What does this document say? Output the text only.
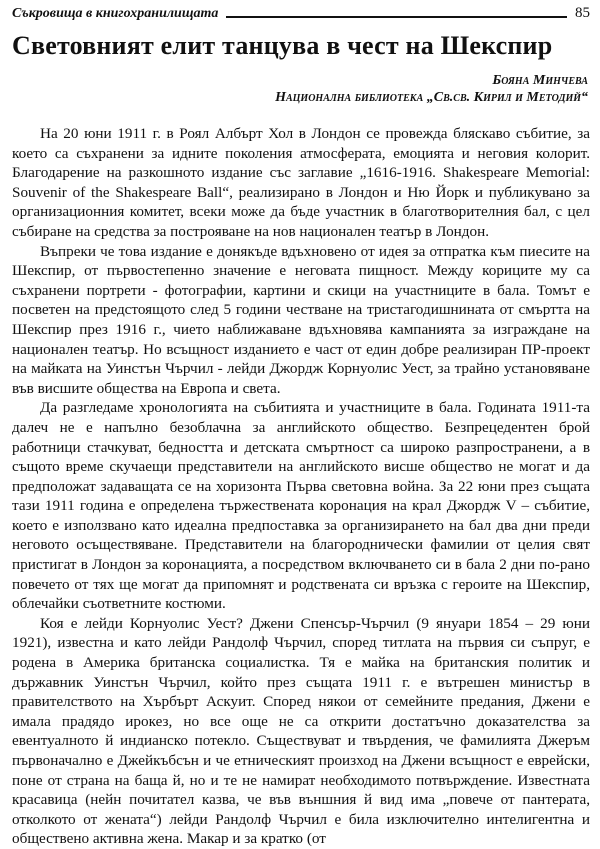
Съкровища в книгохранилищата	85
Световният елит танцува в чест на Шекспир
Бояна Минчева
Национална библиотека „Св.св. Кирил и Методий“

На 20 юни 1911 г. в Роял Албърт Хол в Лондон се провежда бляскаво събитие, за което са съхранени за идните поколения атмосферата, емоцията и неговия колорит. Благодарение на разкошното издание със заглавие „1616-1916. Shakespeare Memorial: Souvenir of the Shakespeare Ball“, реализирано в Лондон и Ню Йорк и публикувано за организационния комитет, всеки може да бъде участник в благотворителния бал, с цел събиране на средства за построяване на нов национален театър в Лондон.

Въпреки че това издание е донякъде вдъхновено от идея за отпратка към пиесите на Шекспир, от първостепенно значение е неговата пищност. Между кориците му са съхранени портрети - фотографии, картини и скици на участниците в бала. Томът е посветен на предстоящото след 5 години честване на тристагодишнината от смъртта на Шекспир през 1916 г., чието наближаване вдъхновява кампанията за изграждане на национален театър. Но всъщност изданието е част от един добре реализиран ПР-проект на майката на Уинстън Чърчил - лейди Джордж Корнуолис Уест, за трайно установяване във висшите общества на Европа и света.

Да разгледаме хронологията на събитията и участниците в бала. Годината 1911-та далеч не е напълно безоблачна за английското общество. Безпрецедентен брой работници стачкуват, бедността и детската смъртност са широко разпространени, а в същото време скучаещи представители на английското висше общество не могат и да предположат задаващата се на хоризонта Първа световна война. За 22 юни през същата тази 1911 година е определена тържествената коронация на крал Джордж V – събитие, което е използвано като идеална предпоставка за организирането на бал два дни преди неговото осъществяване. Представители на благороднически фамилии от целия свят пристигат в Лондон за коронацията, а посредством включването си в бала 2 дни по-рано повечето от тях ще могат да припомнят и родствената си връзка с героите на Шекспир, облечайки съответните костюми.

Коя е лейди Корнуолис Уест? Джени Спенсър-Чърчил (9 януари 1854 – 29 юни 1921), известна и като лейди Рандолф Чърчил, според титлата на първия си съпруг, е родена в Америка британска социалистка. Тя е майка на британския политик и държавник Уинстън Чърчил, който през същата 1911 г. е вътрешен министър в правителството на Хърбърт Аскуит. Според някои от семейните предания, Джени е имала прадядо ирокез, но все още не са открити достатъчно доказателства за евентуалното й индианско потекло. Съществуват и твърдения, че фамилията Джеръм първоначално е Джейкъбсън и че етническият произход на Джени всъщност е еврейски, поне от страна на баща й, но и те не намират необходимото потвърждение. Известната красавица (нейн почитател казва, че във външния й вид има „повече от пантерата, отколкото от жената“) лейди Рандолф Чърчил е била изключително интелигентна и обществено активна жена. Макар и за кратко (от
